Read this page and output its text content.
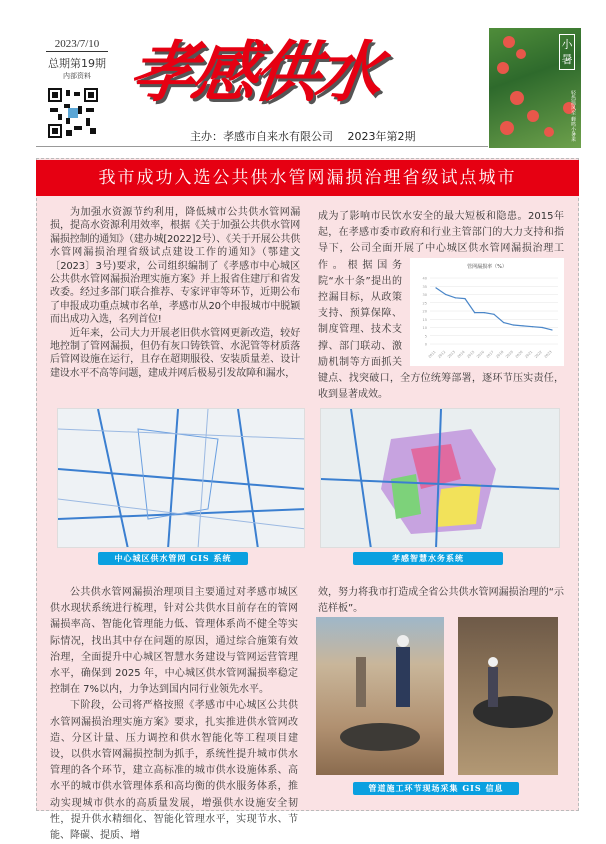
2023/7/10
总期第19期
内部资料 孝感供水
主办：孝感市自来水有限公司　 2023年第2期
小暑
轻热温风至 蝉鸣小暑来
我市成功入选公共供水管网漏损治理省级试点城市

为加强水资源节约利用，降低城市公共供水管网漏损，提高水资源利用效率，根据《关于加强公共供水管网漏损控制的通知》（建办城[2022]2号）、《关于开展公共供水管网漏损治理省级试点建设工作的通知》（鄂建文〔2023〕3号)要求，公司组织编制了《孝感市中心城区公共供水管网漏损治理实施方案》并上报省住建厅和省发改委。经过多部门联合推荐、专家评审等环节，近期公布了申报成功重点城市名单，孝感市从20个申报城市中脱颖而出成功入选，名列首位!

近年来，公司大力开展老旧供水管网更新改造，较好地控制了管网漏损，但仍有灰口铸铁管、水泥管等材质落后管网设施在运行，且存在超期服役、安装质量差、设计建设水平不高等问题，建成并网后极易引发故障和漏水，

管网漏损率（%）
0
5
10
15
20
25
30
35
40
2011 2012 2013 2014 2015 2016 2017 2018 2019 2020 2021 2022 2023
成为了影响市民饮水安全的最大短板和隐患。2015年起，在孝感市委市政府和行业主管部门的大力支持和指导下，公司全面开展了中心城区供水管网漏损治理工作。根据国务院“水十条”提出的控漏目标，从政策支持、预算保障、制度管理、技术支撑、部门联动、激励机制等方面抓关键点、找突破口，全方位统筹部署，逐环节压实责任，收到显著成效。
中心城区供水管网 GIS 系统	孝感智慧水务系统

公共供水管网漏损治理项目主要通过对孝感市城区供水现状系统进行梳理，针对公共供水目前存在的管网漏损率高、智能化管理能力低、管理体系尚不健全等实际情况，找出其中存在问题的原因，通过综合施策有效治理，全面提升中心城区智慧水务建设与管网运营管理水平，确保到 2025 年，中心城区供水管网漏损率稳定控制在 7%以内，力争达到国内同行业领先水平。

下阶段，公司将严格按照《孝感市中心城区公共供水管网漏损治理实施方案》要求，扎实推进供水管网改造、分区计量、压力调控和供水智能化等工程项目建设，以供水管网漏损控制为抓手，系统性提升城市供水管理的各个环节，建立高标准的城市供水设施体系、高水平的城市供水管理体系和高均衡的供水服务体系，推动实现城市供水的高质量发展，增强供水设施安全韧性，提升供水精细化、智能化管理水平，实现节水、节能、降碳、提质、增

效，努力将我市打造成全省公共供水管网漏损治理的“示范样板”。
管道施工环节现场采集 GIS 信息
